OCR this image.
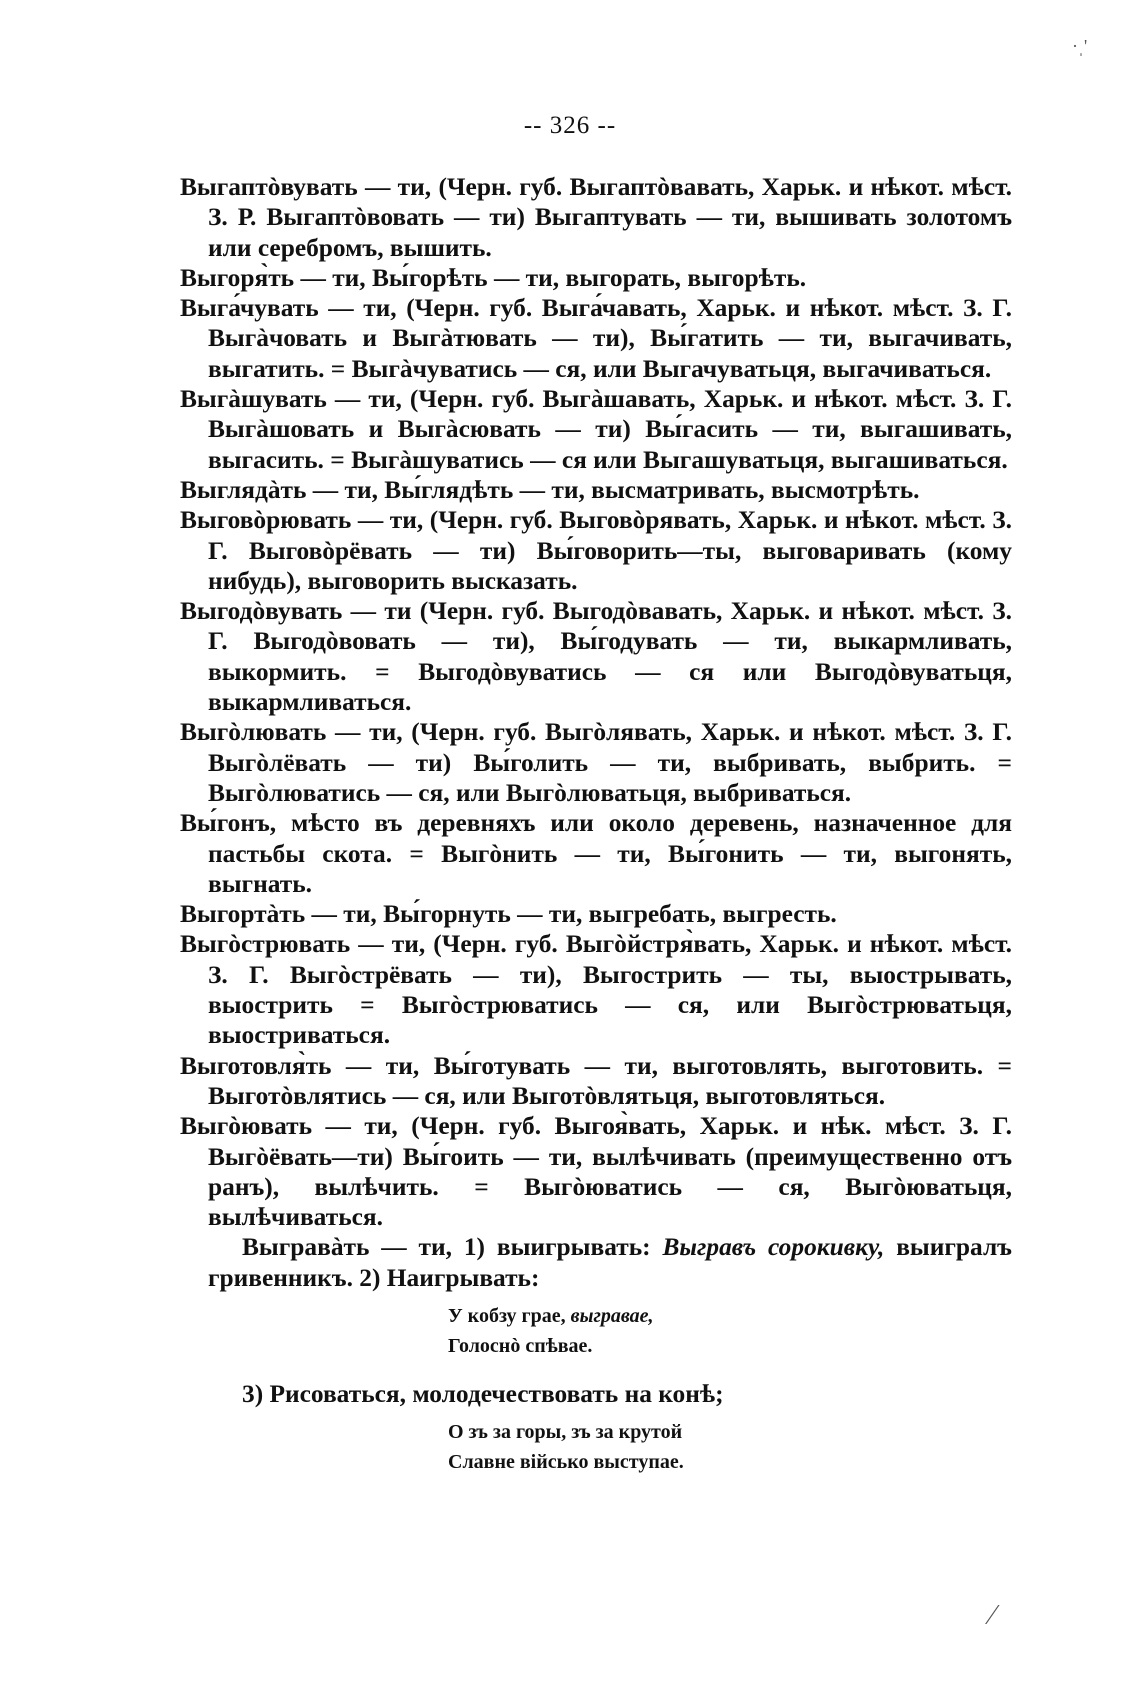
-- 326 --

Выгаптòвувать — ти, (Черн. губ. Выгаптòвавать, Харьк. и нѣкот. мѣст. З. Р. Выгаптòвовать — ти) Выгаптувать — ти, вышивать золотомъ или серебромъ, вышить.

Выгоря̀ть — ти, Вы́горѣть — ти, выгорать, выгорѣть.

Выга́чувать — ти, (Черн. губ. Выга́чавать, Харьк. и нѣкот. мѣст. З. Г. Выгàчовать и Выгàтювать — ти), Вы́гатить — ти, выгачивать, выгатить. = Выгàчуватись — ся, или Выгачуватьця, выгачиваться.

Выгàшувать — ти, (Черн. губ. Выгàшавать, Харьк. и нѣкот. мѣст. З. Г. Выгàшовать и Выгàсювать — ти) Вы́гасить — ти, выгашивать, выгасить. = Выгàшуватись — ся или Выгашуватьця, выгашиваться.

Выглядàть — ти, Вы́глядѣть — ти, высматривать, высмотрѣть.

Выговòрювать — ти, (Черн. губ. Выговòрявать, Харьк. и нѣкот. мѣст. З. Г. Выговòрёвать — ти) Вы́говорить—ты, выговаривать (кому нибудь), выговорить высказать.

Выгодòвувать — ти (Черн. губ. Выгодòвавать, Харьк. и нѣкот. мѣст. З. Г. Выгодòвовать — ти), Вы́годувать — ти, выкармливать, выкормить. = Выгодòвуватись — ся или Выгодòвуватьця, выкармливаться.

Выгòлювать — ти, (Черн. губ. Выгòлявать, Харьк. и нѣкот. мѣст. З. Г. Выгòлёвать — ти) Вы́голить — ти, выбривать, выбрить. = Выгòлюватись — ся, или Выгòлюватьця, выбриваться.

Вы́гонъ, мѣсто въ деревняхъ или около деревень, назначенное для пастьбы скота. = Выгòнить — ти, Вы́гонить — ти, выгонять, выгнать.

Выгортàть — ти, Вы́горнуть — ти, выгребать, выгресть.

Выгòстрювать — ти, (Черн. губ. Выгòйстря̀вать, Харьк. и нѣкот. мѣст. З. Г. Выгòстрёвать — ти), Выгострить — ты, выострывать, выострить = Выгòстрюватись — ся, или Выгòстрюватьця, выостриваться.

Выготовля̀ть — ти, Вы́готувать — ти, выготовлять, выготовить. = Выготòвлятись — ся, или Выготòвлятьця, выготовляться.

Выгòювать — ти, (Черн. губ. Выгоя̀вать, Харьк. и нѣк. мѣст. З. Г. Выгòёвать—ти) Вы́гоить — ти, вылѣчивать (преимущественно отъ ранъ), вылѣчить. = Выгòюватись — ся, Выгòюватьця, вылѣчиваться.

Выгравàть — ти, 1) выигрывать: Выгравъ сорокивку, выигралъ гривенникъ. 2) Наигрывать:

У кобзу грае, выгравае,
Голоснò спѣвае.

3) Рисоваться, молодечествовать на конѣ;

О зъ за горы, зъ за крутой
Славне вiйсько выступае.
·ˌ'
⁄
